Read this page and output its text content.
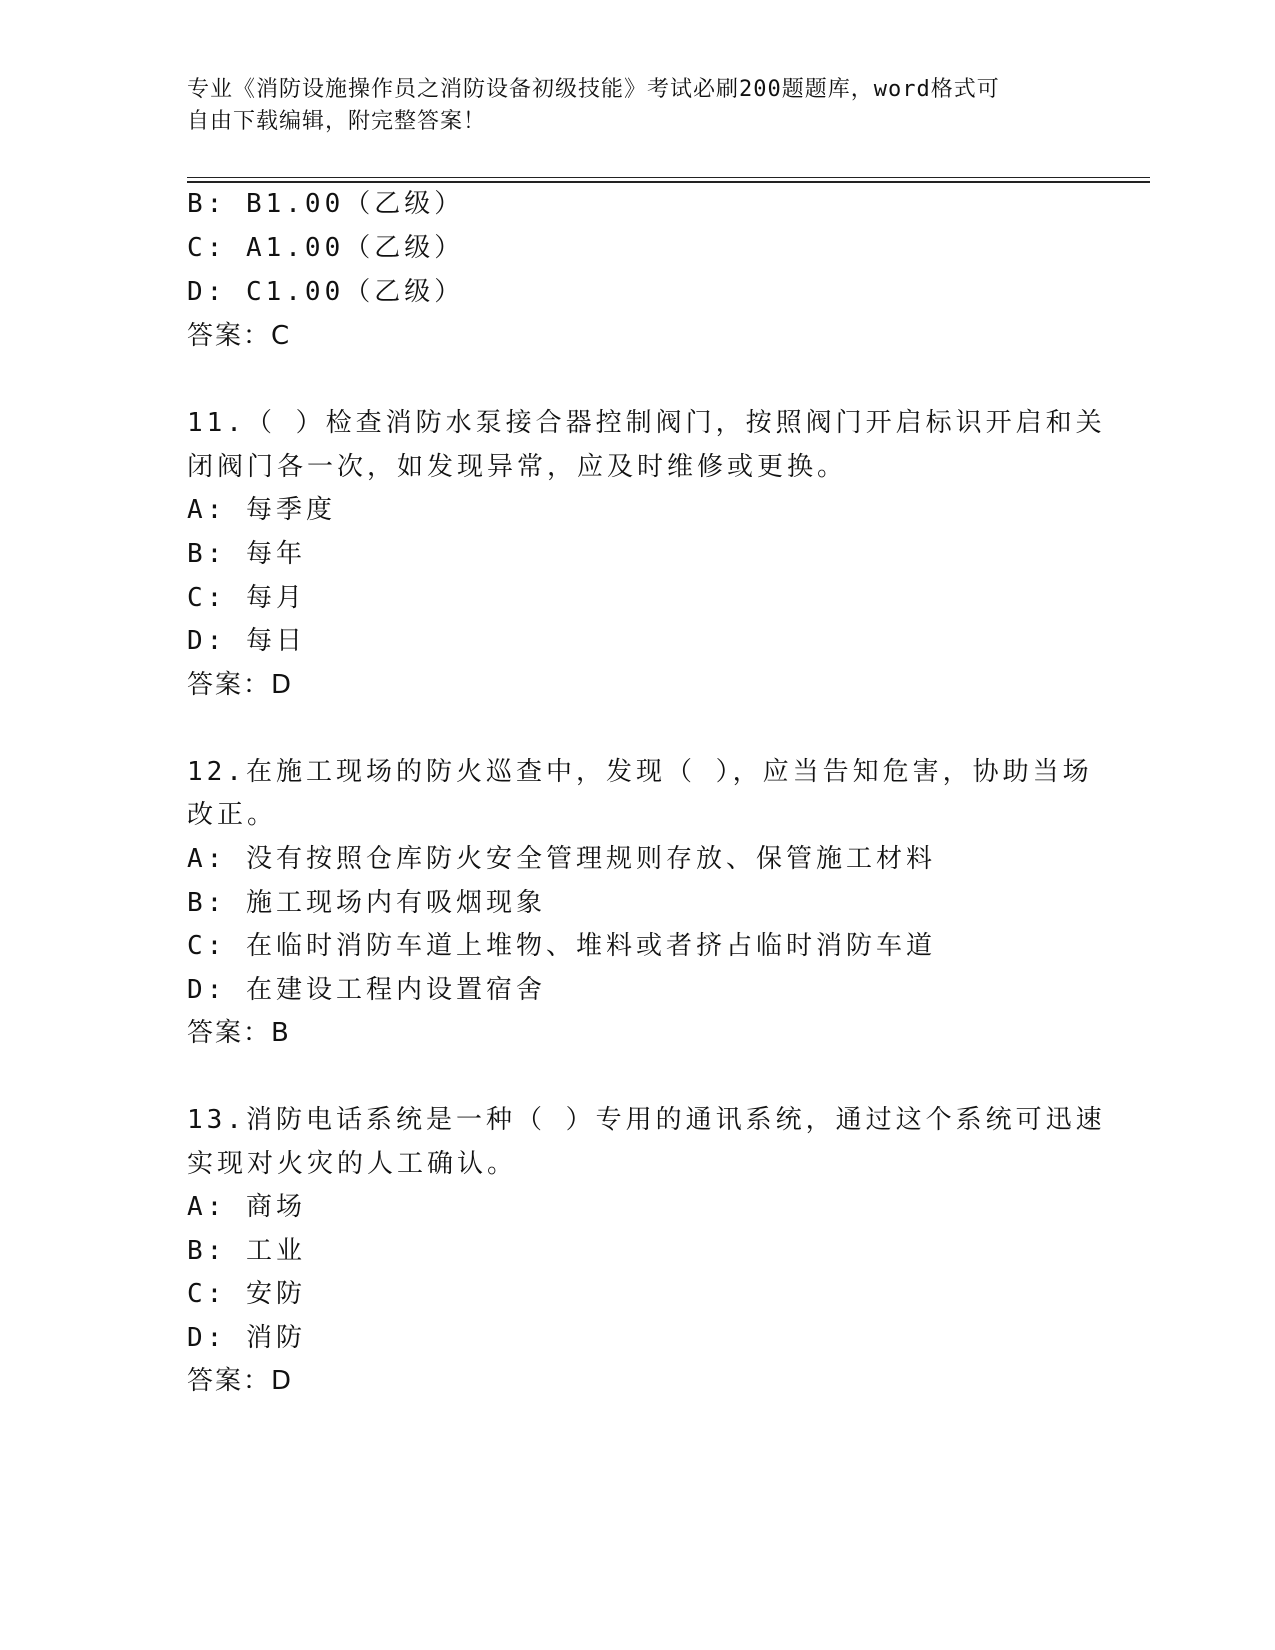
专业《消防设施操作员之消防设备初级技能》考试必刷200题题库，word格式可
自由下载编辑，附完整答案！
B: B1.00（乙级）
C: A1.00（乙级）
D: C1.00（乙级）
答案：C
11.（ ）检查消防水泵接合器控制阀门，按照阀门开启标识开启和关
闭阀门各一次，如发现异常，应及时维修或更换。
A: 每季度
B: 每年
C: 每月
D: 每日
答案：D
12.在施工现场的防火巡查中，发现（ ），应当告知危害，协助当场
改正。
A: 没有按照仓库防火安全管理规则存放、保管施工材料
B: 施工现场内有吸烟现象
C: 在临时消防车道上堆物、堆料或者挤占临时消防车道
D: 在建设工程内设置宿舍
答案：B
13.消防电话系统是一种（ ）专用的通讯系统，通过这个系统可迅速
实现对火灾的人工确认。
A: 商场
B: 工业
C: 安防
D: 消防
答案：D
